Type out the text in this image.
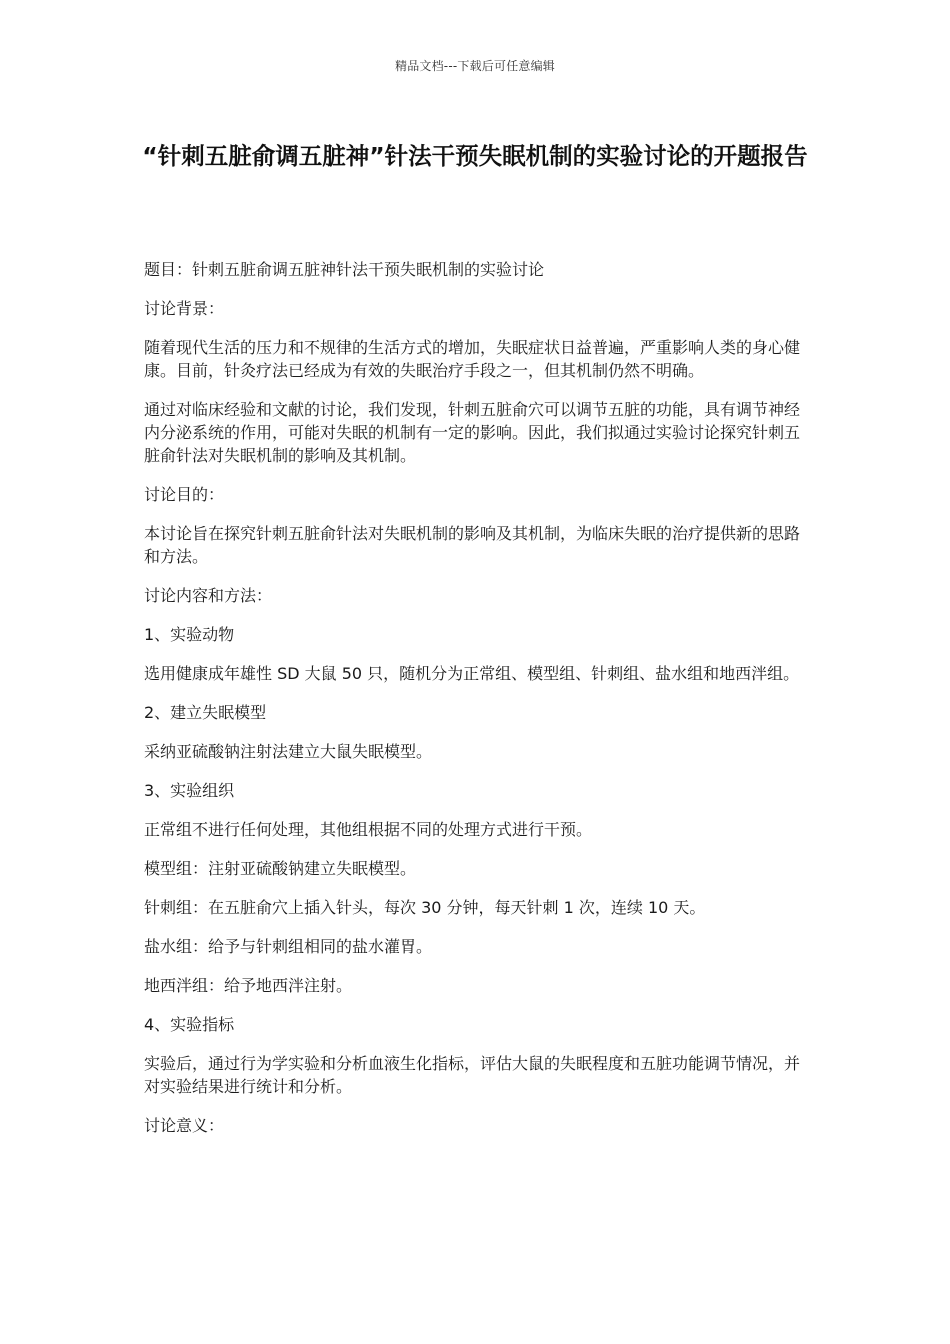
精品文档---下载后可任意编辑
“针刺五脏俞调五脏神”针法干预失眠机制的实验讨论的开题报告

题目：针刺五脏俞调五脏神针法干预失眠机制的实验讨论

讨论背景：

随着现代生活的压力和不规律的生活方式的增加，失眠症状日益普遍，严重影响人类的身心健康。目前，针灸疗法已经成为有效的失眠治疗手段之一，但其机制仍然不明确。

通过对临床经验和文献的讨论，我们发现，针刺五脏俞穴可以调节五脏的功能，具有调节神经内分泌系统的作用，可能对失眠的机制有一定的影响。因此，我们拟通过实验讨论探究针刺五脏俞针法对失眠机制的影响及其机制。

讨论目的：

本讨论旨在探究针刺五脏俞针法对失眠机制的影响及其机制，为临床失眠的治疗提供新的思路和方法。

讨论内容和方法：

1、实验动物

选用健康成年雄性 SD 大鼠 50 只，随机分为正常组、模型组、针刺组、盐水组和地西泮组。

2、建立失眠模型

采纳亚硫酸钠注射法建立大鼠失眠模型。

3、实验组织

正常组不进行任何处理，其他组根据不同的处理方式进行干预。

模型组：注射亚硫酸钠建立失眠模型。

针刺组：在五脏俞穴上插入针头，每次 30 分钟，每天针刺 1 次，连续 10 天。

盐水组：给予与针刺组相同的盐水灌胃。

地西泮组：给予地西泮注射。

4、实验指标

实验后，通过行为学实验和分析血液生化指标，评估大鼠的失眠程度和五脏功能调节情况，并对实验结果进行统计和分析。

讨论意义：
